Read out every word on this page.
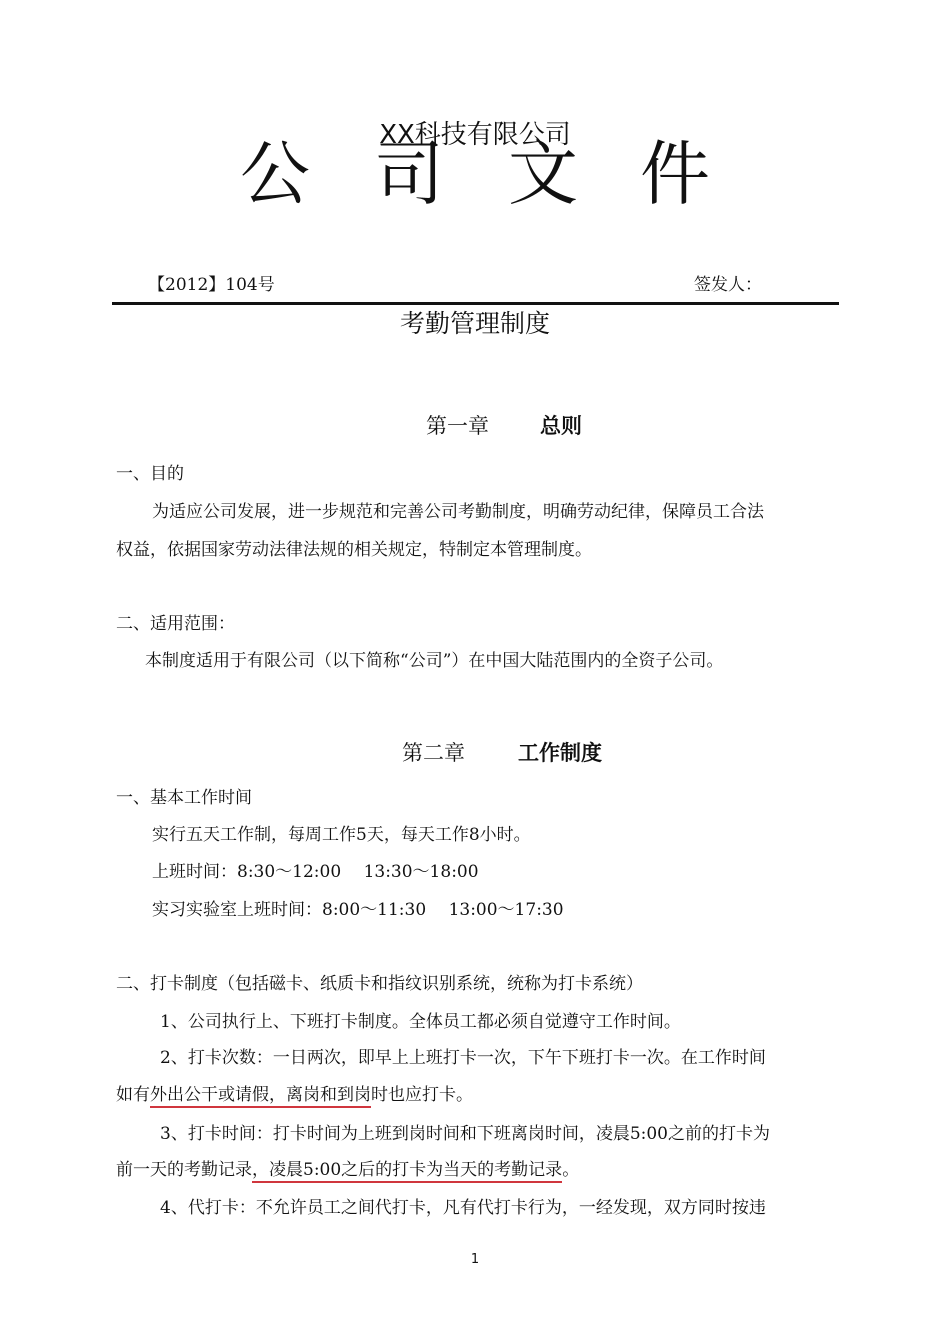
XX科技有限公司
公 司 文 件
【2012】104号	签发人：
考勤管理制度
第一章 总则
一、目的
为适应公司发展，进一步规范和完善公司考勤制度，明确劳动纪律，保障员工合法
权益，依据国家劳动法律法规的相关规定，特制定本管理制度。
二、适用范围：
本制度适用于有限公司（以下简称“公司”）在中国大陆范围内的全资子公司。
第二章	工作制度
一、基本工作时间
实行五天工作制，每周工作5天，每天工作8小时。
上班时间：8:30～12:00　 13:30～18:00
实习实验室上班时间：8:00～11:30　 13:00～17:30
二、打卡制度（包括磁卡、纸质卡和指纹识别系统，统称为打卡系统）
1、公司执行上、下班打卡制度。全体员工都必须自觉遵守工作时间。
2、打卡次数：一日两次，即早上上班打卡一次，下午下班打卡一次。在工作时间
如有外出公干或请假，离岗和到岗时也应打卡。
3、打卡时间：打卡时间为上班到岗时间和下班离岗时间，凌晨5:00之前的打卡为
前一天的考勤记录，凌晨5:00之后的打卡为当天的考勤记录。
4、代打卡：不允许员工之间代打卡，凡有代打卡行为，一经发现，双方同时按违
1
